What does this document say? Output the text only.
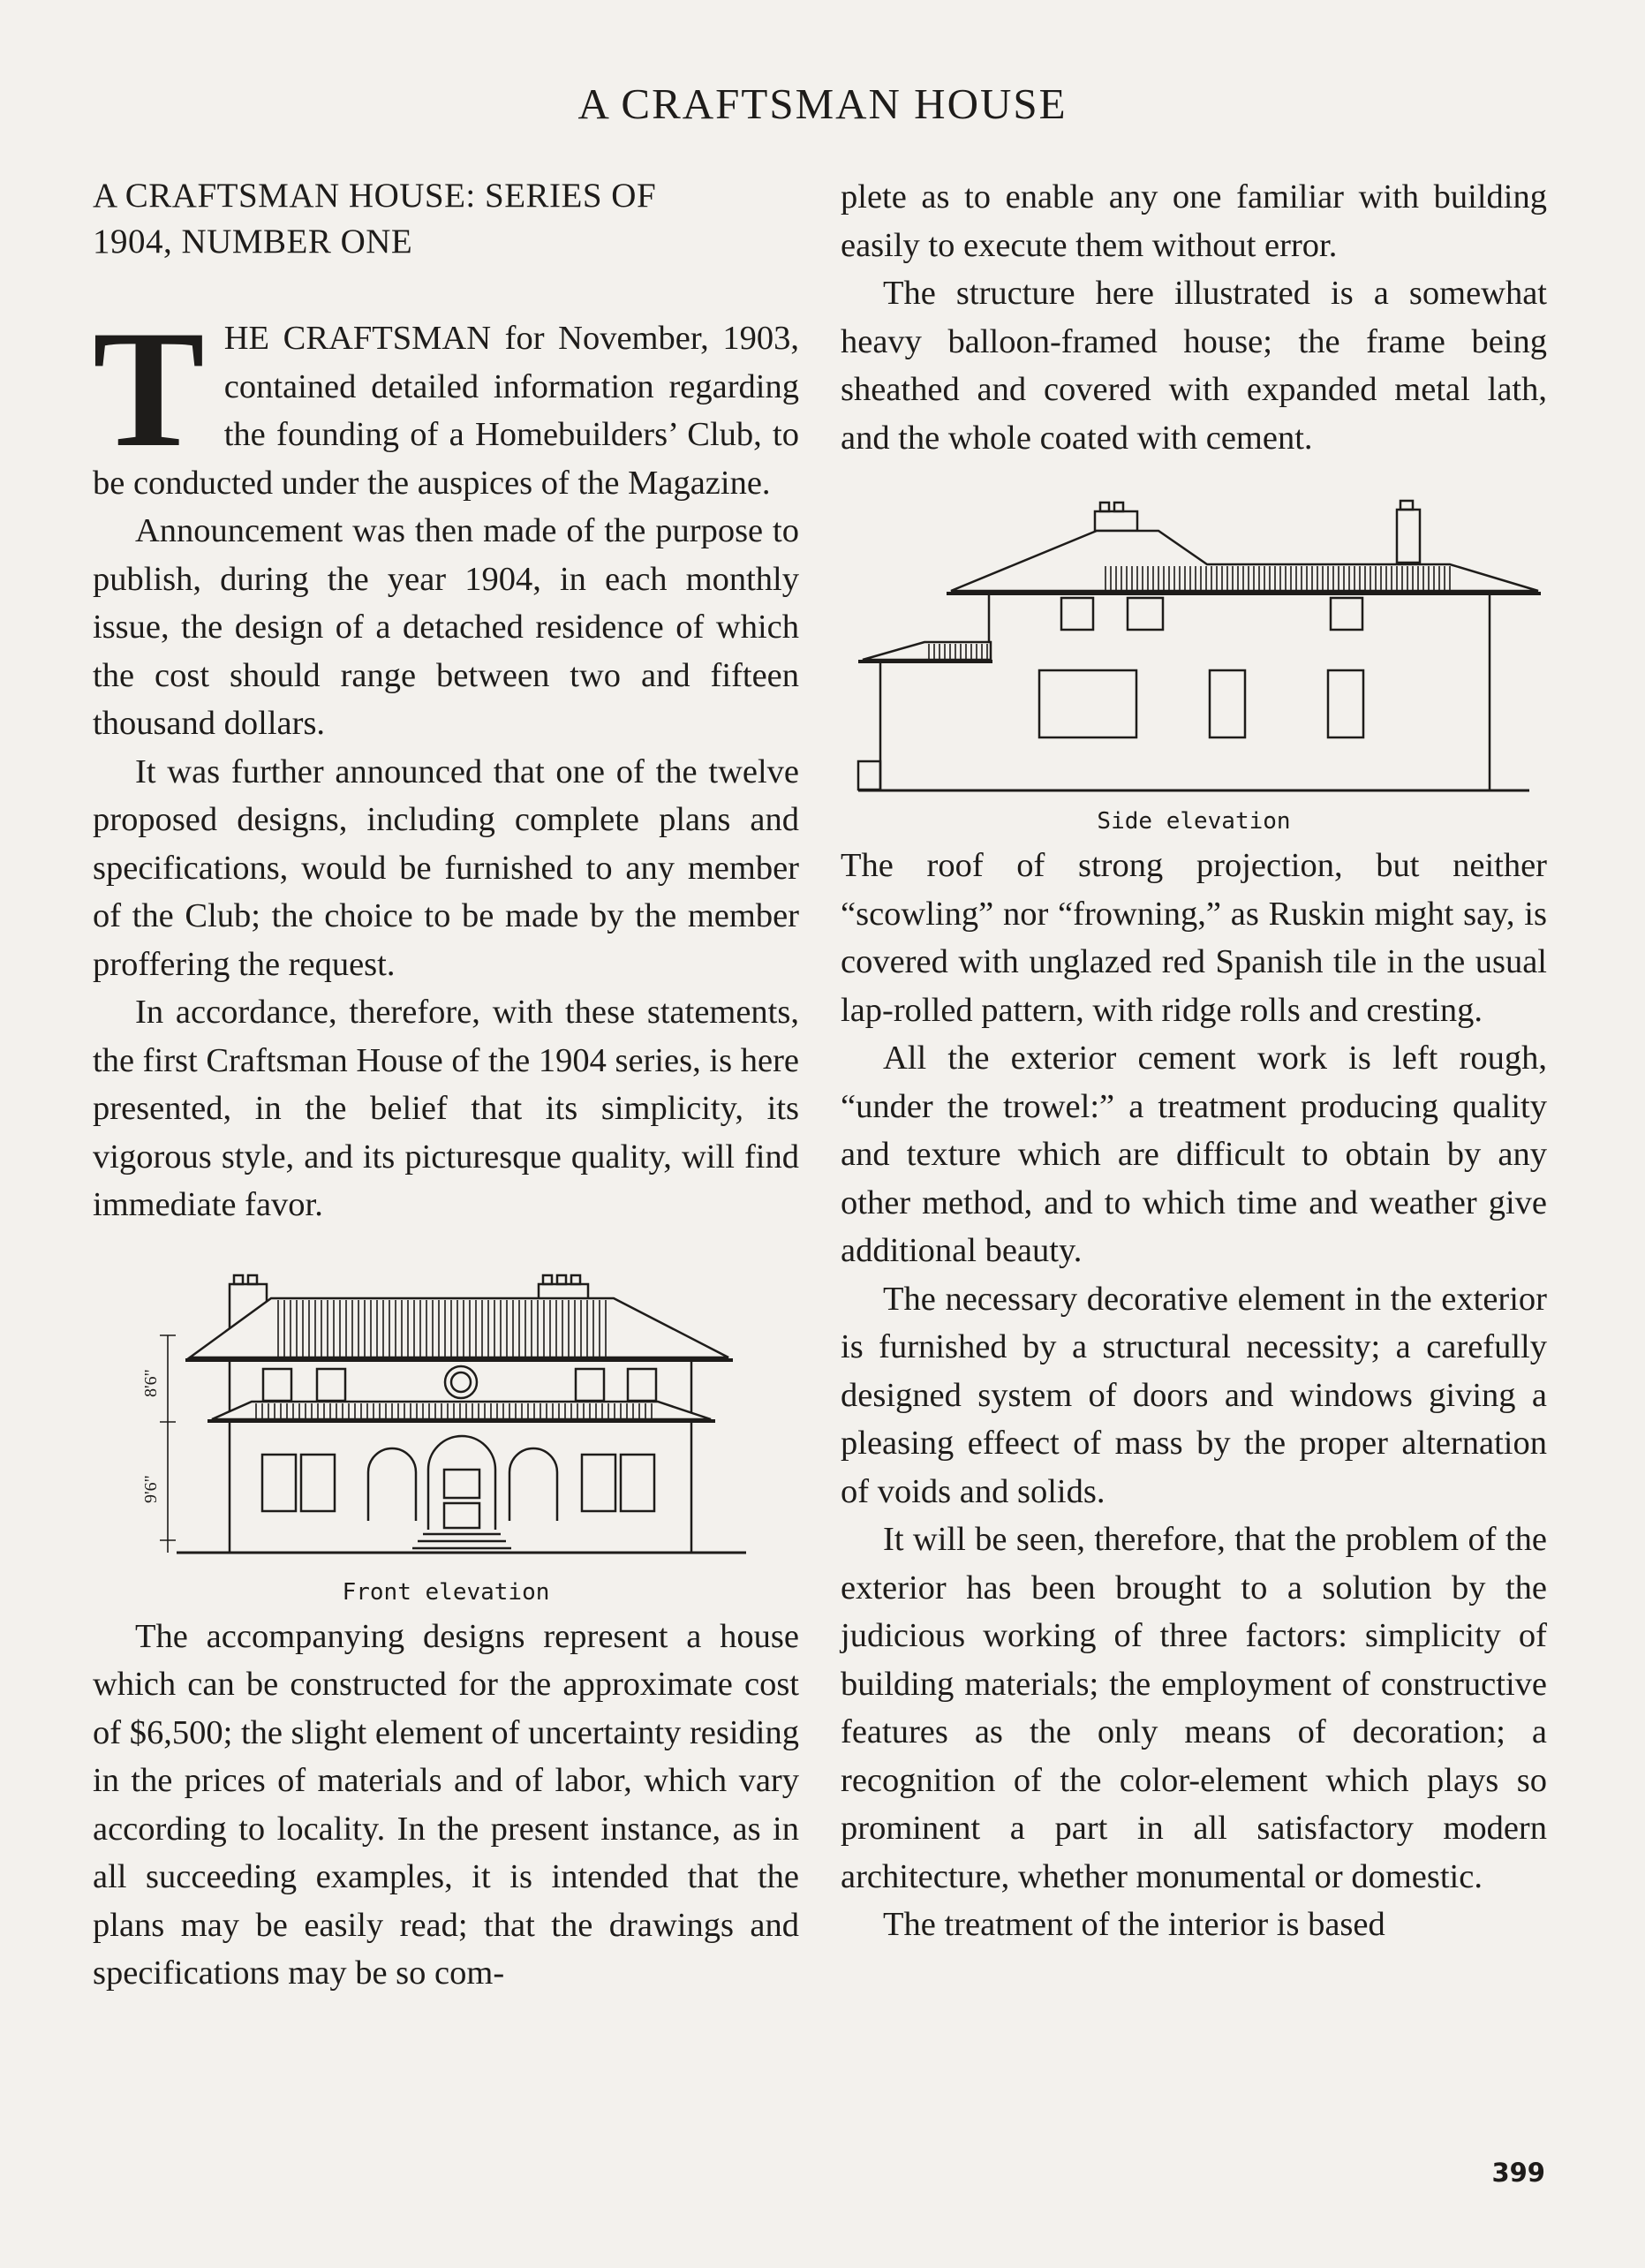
A CRAFTSMAN HOUSE
A CRAFTSMAN HOUSE: SERIES OF
1904, NUMBER ONE

THE CRAFTSMAN for November, 1903, contained detailed information regarding the founding of a Homebuilders’ Club, to be conducted under the auspices of the Magazine.

Announcement was then made of the purpose to publish, during the year 1904, in each monthly issue, the design of a detached residence of which the cost should range between two and fifteen thousand dollars.

It was further announced that one of the twelve proposed designs, including complete plans and specifications, would be furnished to any member of the Club; the choice to be made by the member proffering the request.

In accordance, therefore, with these statements, the first Craftsman House of the 1904 series, is here presented, in the belief that its simplicity, its vigorous style, and its picturesque quality, will find immediate favor.

8'6"
9'6"
Front elevation

The accompanying designs represent a house which can be constructed for the approximate cost of $6,500; the slight element of uncertainty residing in the prices of materials and of labor, which vary according to locality. In the present instance, as in all succeeding examples, it is intended that the plans may be easily read; that the drawings and specifications may be so com-

plete as to enable any one familiar with building easily to execute them without error.

The structure here illustrated is a somewhat heavy balloon-framed house; the frame being sheathed and covered with expanded metal lath, and the whole coated with cement.

Side elevation

The roof of strong projection, but neither “scowling” nor “frowning,” as Ruskin might say, is covered with unglazed red Spanish tile in the usual lap-rolled pattern, with ridge rolls and cresting.

All the exterior cement work is left rough, “under the trowel:” a treatment producing quality and texture which are difficult to obtain by any other method, and to which time and weather give additional beauty.

The necessary decorative element in the exterior is furnished by a structural necessity; a carefully designed system of doors and windows giving a pleasing effeect of mass by the proper alternation of voids and solids.

It will be seen, therefore, that the problem of the exterior has been brought to a solution by the judicious working of three factors: simplicity of building materials; the employment of constructive features as the only means of decoration; a recognition of the color-element which plays so prominent a part in all satisfactory modern architecture, whether monumental or domestic.

The treatment of the interior is based

399
